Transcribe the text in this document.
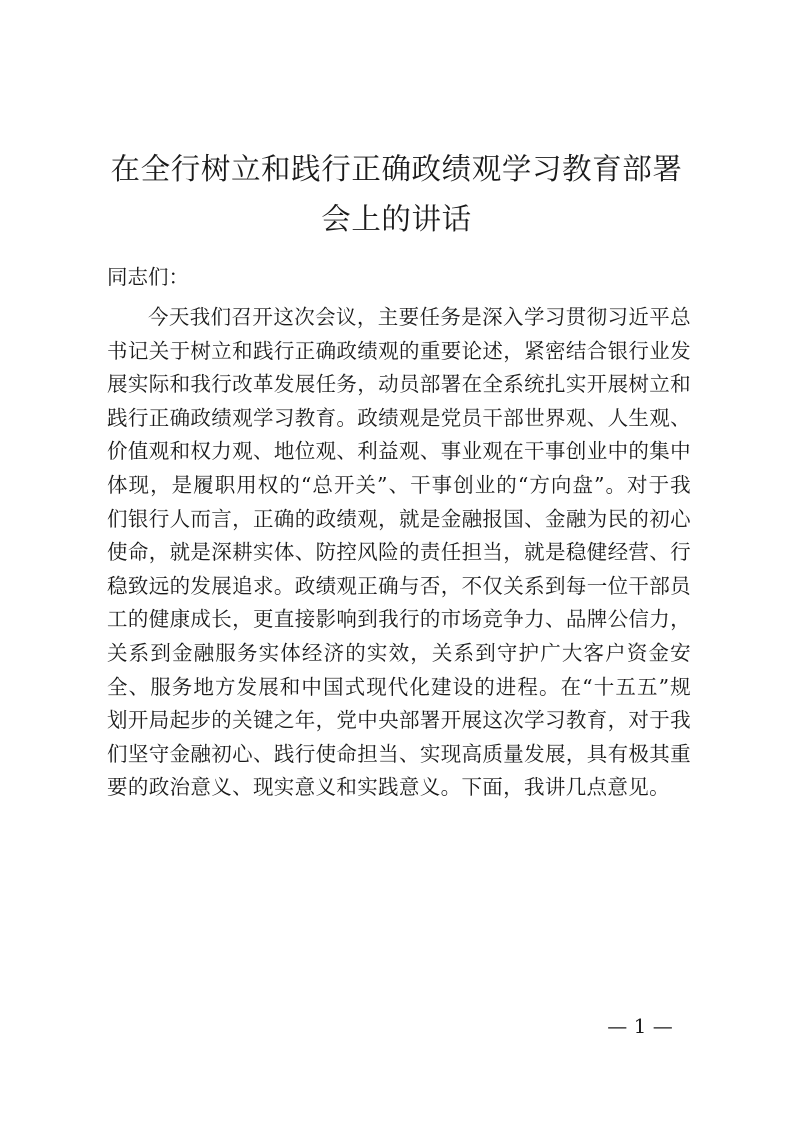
在全行树立和践行正确政绩观学习教育部署会上的讲话

同志们：

今天我们召开这次会议，主要任务是深入学习贯彻习近平总书记关于树立和践行正确政绩观的重要论述，紧密结合银行业发展实际和我行改革发展任务，动员部署在全系统扎实开展树立和践行正确政绩观学习教育。政绩观是党员干部世界观、人生观、价值观和权力观、地位观、利益观、事业观在干事创业中的集中体现，是履职用权的“总开关”、干事创业的“方向盘”。对于我们银行人而言，正确的政绩观，就是金融报国、金融为民的初心使命，就是深耕实体、防控风险的责任担当，就是稳健经营、行稳致远的发展追求。政绩观正确与否，不仅关系到每一位干部员工的健康成长，更直接影响到我行的市场竞争力、品牌公信力，关系到金融服务实体经济的实效，关系到守护广大客户资金安全、服务地方发展和中国式现代化建设的进程。在“十五五”规划开局起步的关键之年，党中央部署开展这次学习教育，对于我们坚守金融初心、践行使命担当、实现高质量发展，具有极其重要的政治意义、现实意义和实践意义。下面，我讲几点意见。

— 1 —
